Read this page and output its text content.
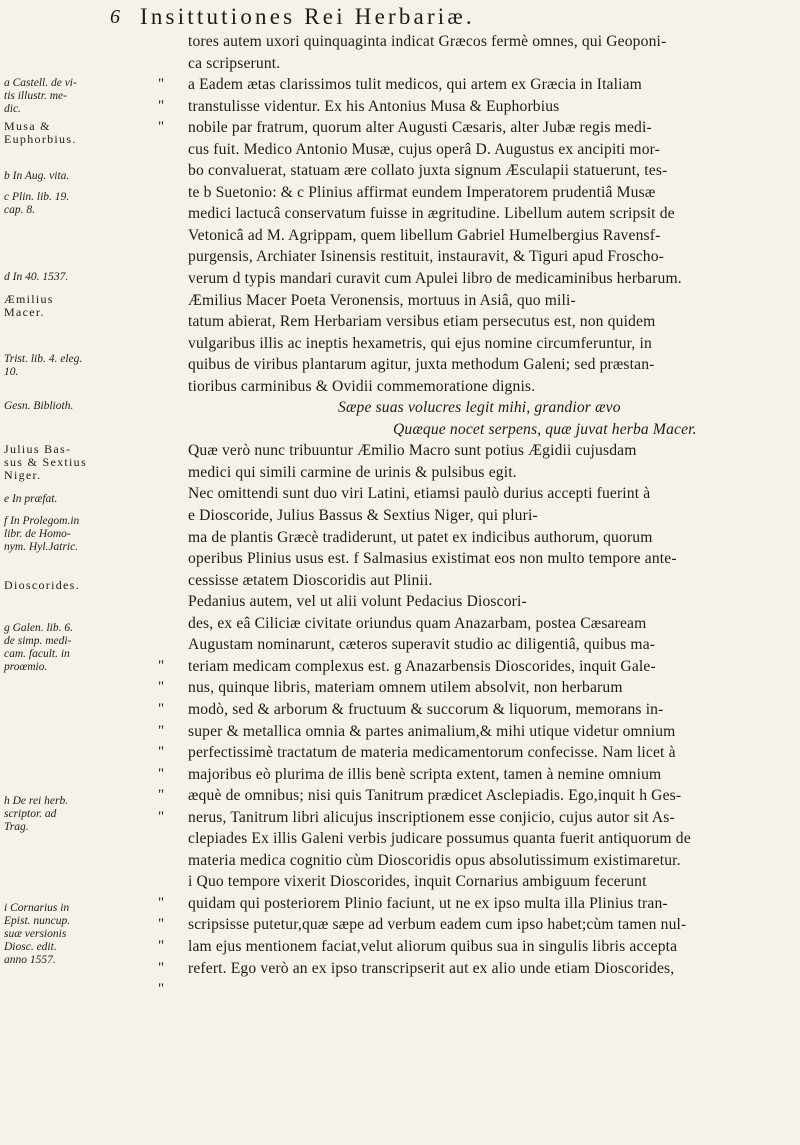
6 Insittutiones Rei Herbariæ.
a Castell. de vi-
tis illustr. me-
dic.
Musa &
Euphorbius.
b In Aug. vita.
c Plin. lib. 19.
cap. 8.
d In 40. 1537.
Æmilius
Macer.
Trist. lib. 4. eleg.
10.
Gesn. Biblioth.
Julius Bas-
sus & Sextius
Niger.
e In præfat.
f In Prolegom.in
libr. de Homo-
nym. Hyl.Jatric.
Dioscorides.
g Galen. lib. 6.
de simp. medi-
cam. facult. in
proœmio.
h De rei herb.
scriptor. ad
Trag.
i Cornarius in
Epist. nuncup.
suæ versionis
Diosc. edit.
anno 1557.
tores autem uxori quinquaginta indicat Græcos fermè omnes, qui Geoponi-
ca scripserunt.
" a Eadem ætas clarissimos tulit medicos, qui artem ex Græcia in Italiam
" transtulisse videntur. Ex his Antonius Musa & Euphorbius
" nobile par fratrum, quorum alter Augusti Cæsaris, alter Jubæ regis medi-
cus fuit. Medico Antonio Musæ, cujus operâ D. Augustus ex ancipiti mor-
bo convaluerat, statuam ære collato juxta signum Æsculapii statuerunt, tes-
te b Suetonio: & c Plinius affirmat eundem Imperatorem prudentiâ Musæ
medici lactucâ conservatum fuisse in ægritudine. Libellum autem scripsit de
Vetonicâ ad M. Agrippam, quem libellum Gabriel Humelbergius Ravensf-
purgensis, Archiater Isinensis restituit, instauravit, & Tiguri apud Froscho-
verum d typis mandari curavit cum Apulei libro de medicaminibus herbarum.
Æmilius Macer Poeta Veronensis, mortuus in Asiâ, quo mili-
tatum abierat, Rem Herbariam versibus etiam persecutus est, non quidem
vulgaribus illis ac ineptis hexametris, qui ejus nomine circumferuntur, in
quibus de viribus plantarum agitur, juxta methodum Galeni; sed præstan-
tioribus carminibus & Ovidii commemoratione dignis.
Sæpe suas volucres legit mihi, grandior ævo
Quæque nocet serpens, quæ juvat herba Macer.
Quæ verò nunc tribuuntur Æmilio Macro sunt potius Ægidii cujusdam
medici qui simili carmine de urinis & pulsibus egit.
Nec omittendi sunt duo viri Latini, etiamsi paulò durius accepti fuerint à
e Dioscoride, Julius Bassus & Sextius Niger, qui pluri-
ma de plantis Græcè tradiderunt, ut patet ex indicibus authorum, quorum
operibus Plinius usus est. f Salmasius existimat eos non multo tempore ante-
cessisse ætatem Dioscoridis aut Plinii.
Pedanius autem, vel ut alii volunt Pedacius Dioscori-
des, ex eâ Ciliciæ civitate oriundus quam Anazarbam, postea Cæsaream
Augustam nominarunt, cæteros superavit studio ac diligentiâ, quibus ma-
" teriam medicam complexus est. g Anazarbensis Dioscorides, inquit Gale-
" nus, quinque libris, materiam omnem utilem absolvit, non herbarum
" modò, sed & arborum & fructuum & succorum & liquorum, memorans in-
" super & metallica omnia & partes animalium,& mihi utique videtur omnium
" perfectissimè tractatum de materia medicamentorum confecisse. Nam licet à
" majoribus eò plurima de illis benè scripta extent, tamen à nemine omnium
" æquè de omnibus; nisi quis Tanitrum prædicet Asclepiadis. Ego,inquit h Ges-
" nerus, Tanitrum libri alicujus inscriptionem esse conjicio, cujus autor sit As-
clepiades Ex illis Galeni verbis judicare possumus quanta fuerit antiquorum de
materia medica cognitio cùm Dioscoridis opus absolutissimum existimaretur.
i Quo tempore vixerit Dioscorides, inquit Cornarius ambiguum fecerunt
" quidam qui posteriorem Plinio faciunt, ut ne ex ipso multa illa Plinius tran-
" scripsisse putetur,quæ sæpe ad verbum eadem cum ipso habet;cùm tamen nul-
" lam ejus mentionem faciat,velut aliorum quibus sua in singulis libris accepta
" refert. Ego verò an ex ipso transcripserit aut ex alio unde etiam Dioscorides,
"
